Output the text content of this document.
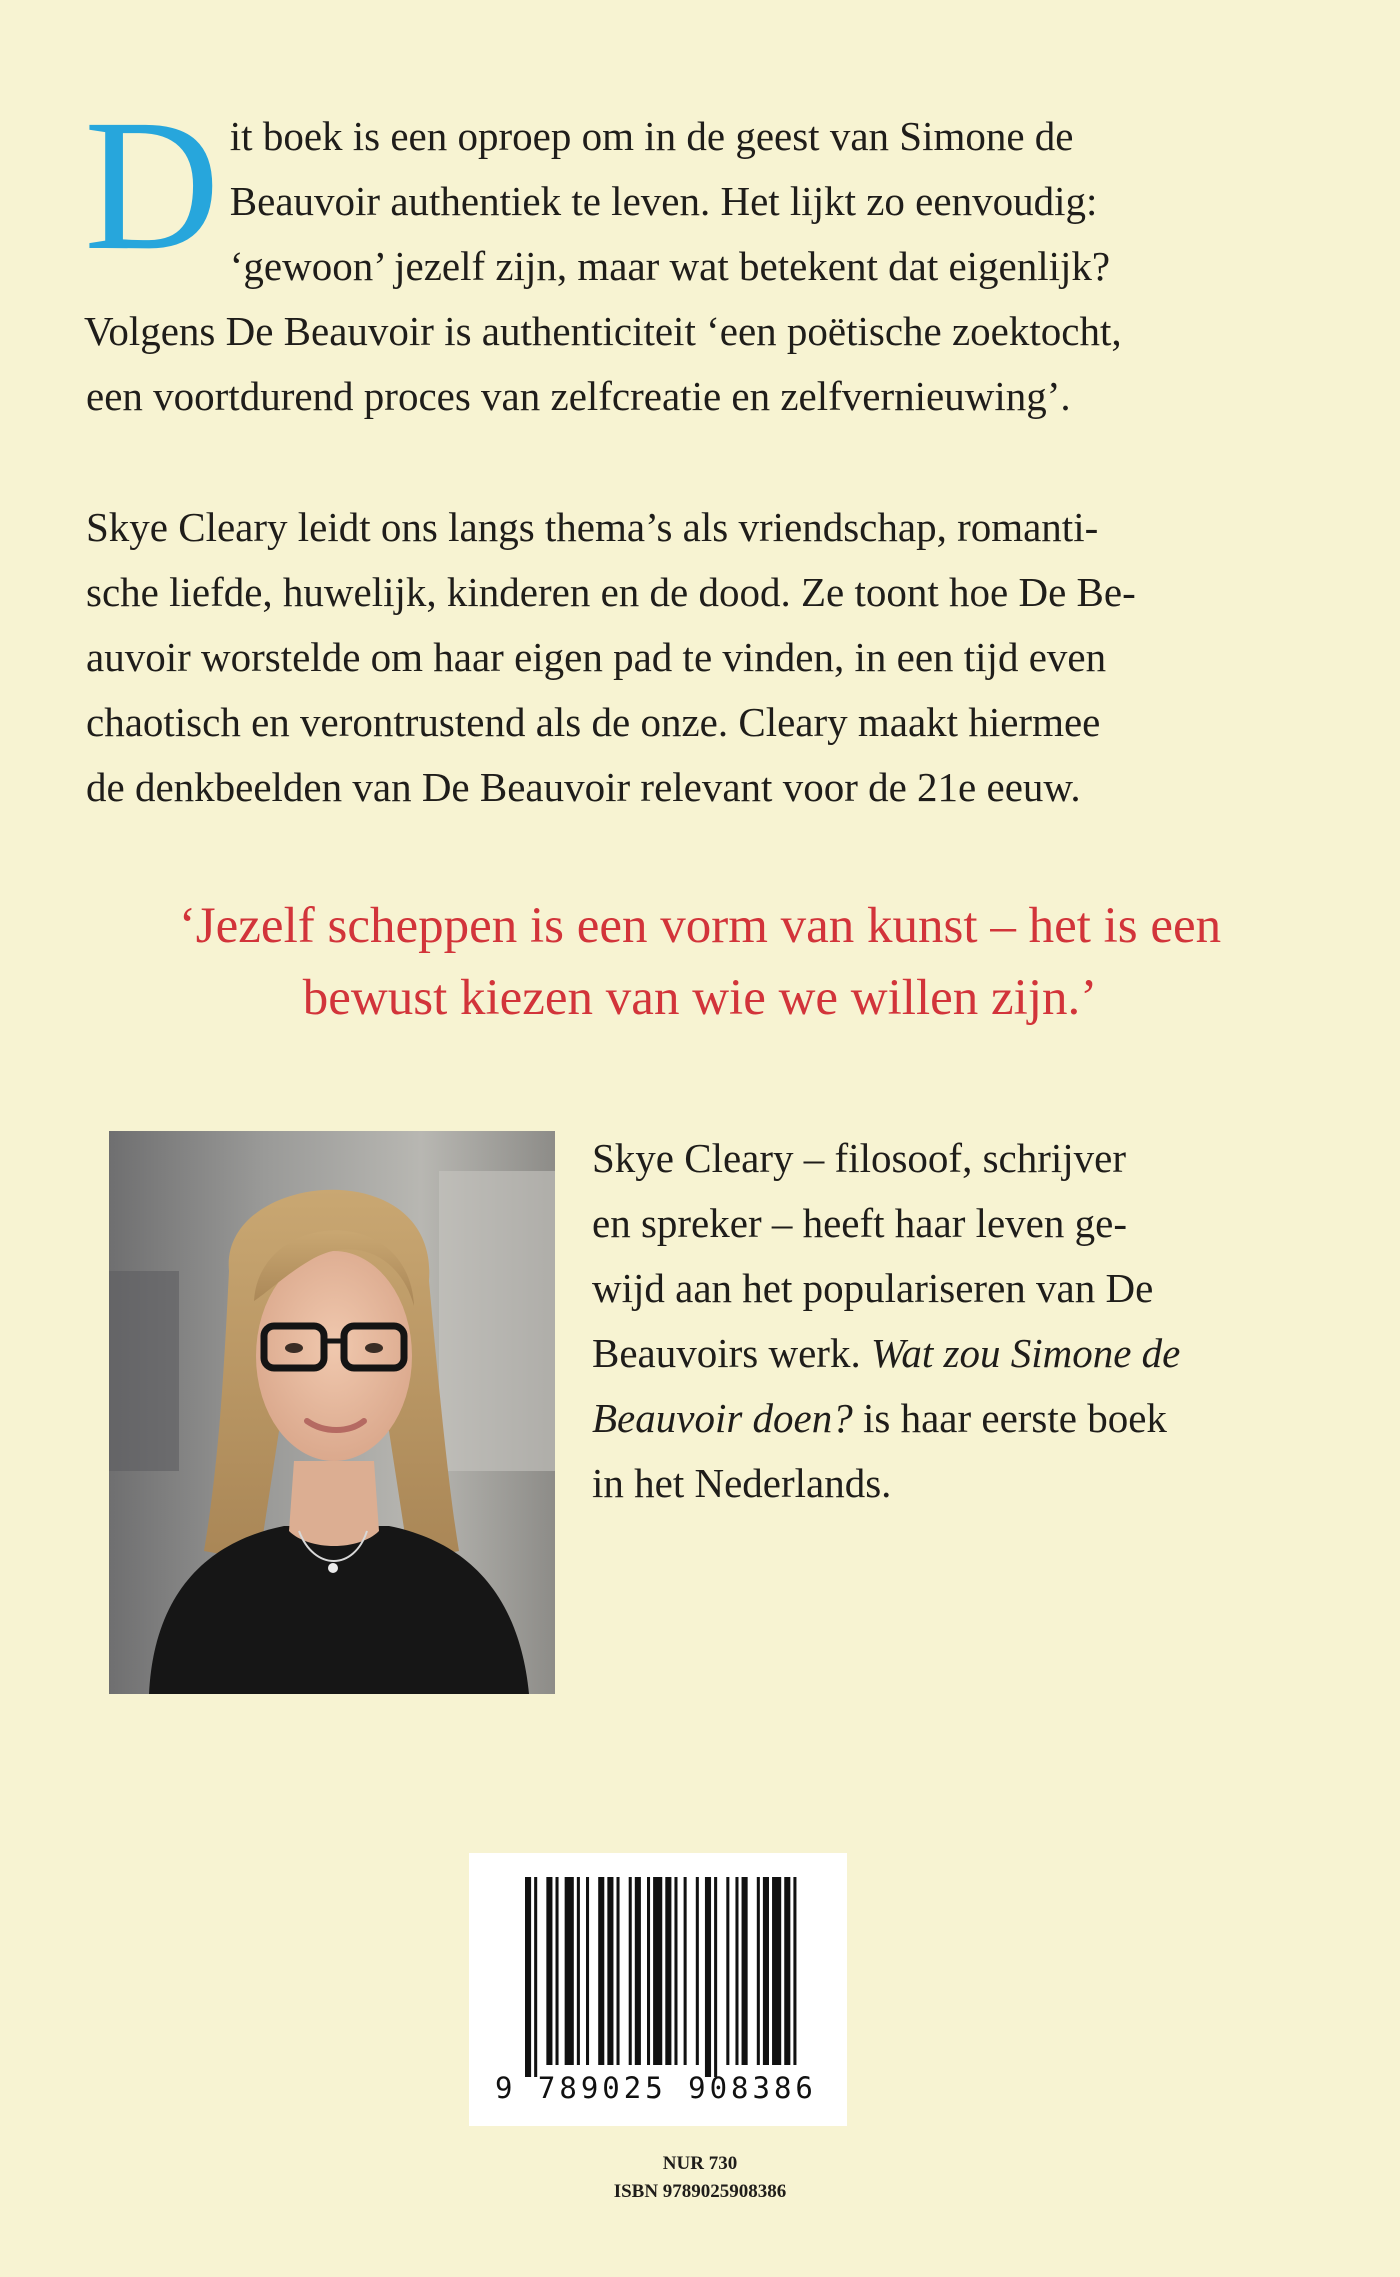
D it boek is een oproep om in de geest van Simone de
Beauvoir authentiek te leven. Het lijkt zo eenvoudig:
‘gewoon’ jezelf zijn, maar wat betekent dat eigenlijk?
Volgens De Beauvoir is authenticiteit ‘een poëtische zoektocht,
een voortdurend proces van zelfcreatie en zelfvernieuwing’.

Skye Cleary leidt ons langs thema’s als vriendschap, romanti-
sche liefde, huwelijk, kinderen en de dood. Ze toont hoe De Be-
auvoir worstelde om haar eigen pad te vinden, in een tijd even
chaotisch en verontrustend als de onze. Cleary maakt hiermee
de denkbeelden van De Beauvoir relevant voor de 21e eeuw.

‘Jezelf scheppen is een vorm van kunst – het is een
bewust kiezen van wie we willen zijn.’

Skye Cleary – filosoof, schrijver
en spreker – heeft haar leven ge-
wijd aan het populariseren van De
Beauvoirs werk. Wat zou Simone de
Beauvoir doen? is haar eerste boek
in het Nederlands.

9 789025 908386

NUR 730
ISBN 9789025908386
